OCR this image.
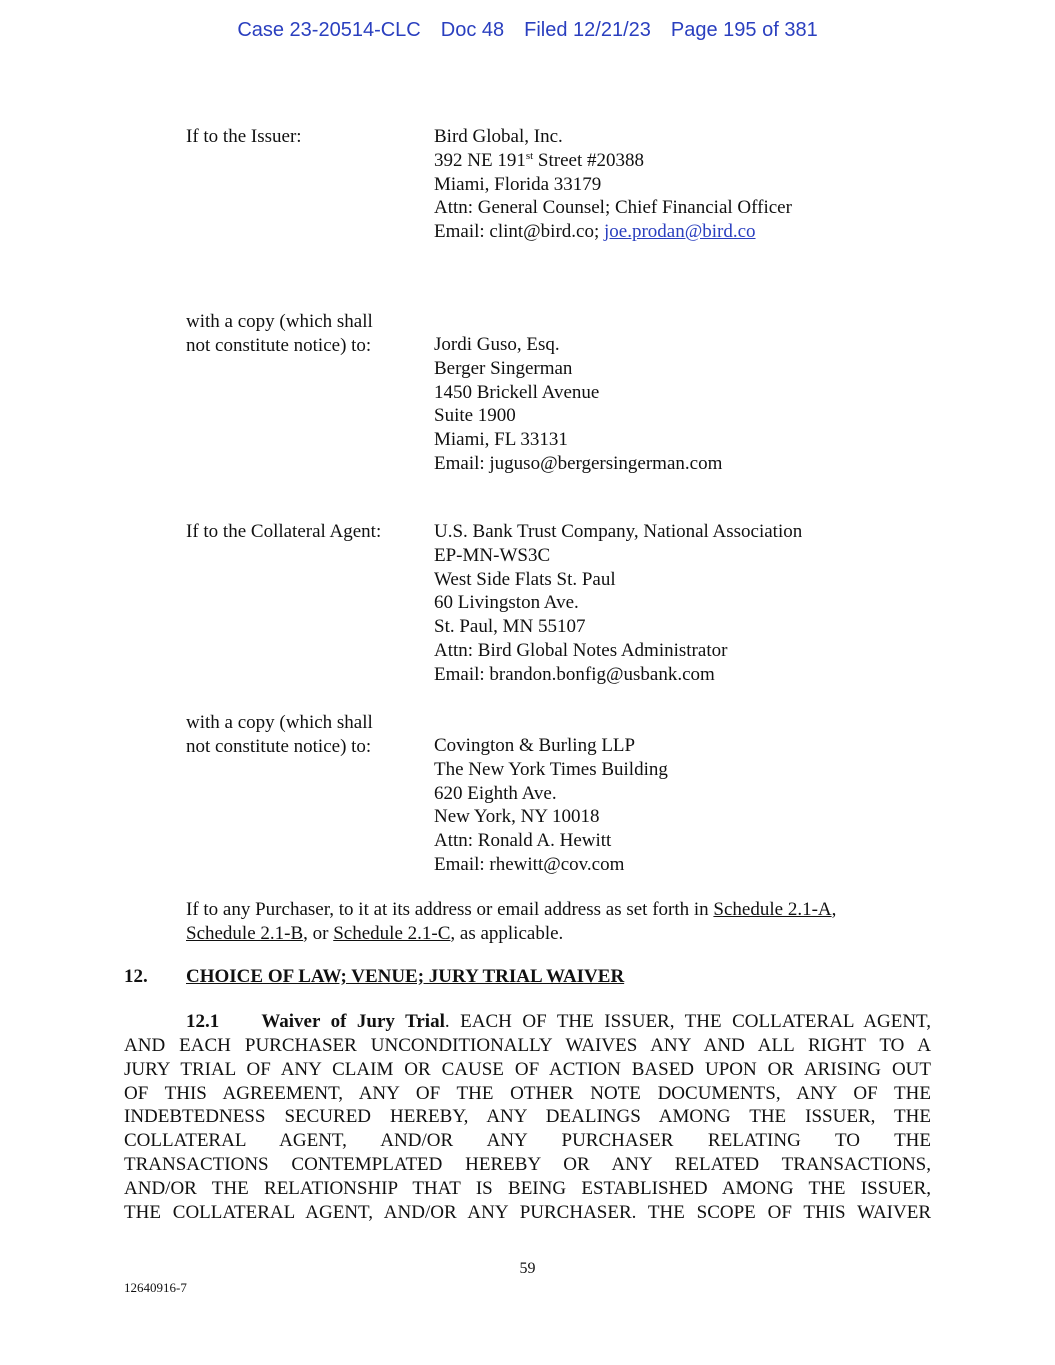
Case 23-20514-CLC Doc 48 Filed 12/21/23 Page 195 of 381
If to the Issuer:	Bird Global, Inc.
392 NE 191st Street #20388
Miami, Florida 33179
Attn: General Counsel; Chief Financial Officer
Email: clint@bird.co; joe.prodan@bird.co
with a copy (which shall
not constitute notice) to:	Jordi Guso, Esq.
Berger Singerman
1450 Brickell Avenue
Suite 1900
Miami, FL 33131
Email: juguso@bergersingerman.com
If to the Collateral Agent:	U.S. Bank Trust Company, National Association
EP-MN-WS3C
West Side Flats St. Paul
60 Livingston Ave.
St. Paul, MN 55107
Attn: Bird Global Notes Administrator
Email: brandon.bonfig@usbank.com
with a copy (which shall
not constitute notice) to:	Covington & Burling LLP
The New York Times Building
620 Eighth Ave.
New York, NY 10018
Attn: Ronald A. Hewitt
Email: rhewitt@cov.com
If to any Purchaser, to it at its address or email address as set forth in Schedule 2.1-A,
Schedule 2.1-B, or Schedule 2.1-C, as applicable.
12. CHOICE OF LAW; VENUE; JURY TRIAL WAIVER
12.1 Waiver of Jury Trial. EACH OF THE ISSUER, THE COLLATERAL AGENT,
AND EACH PURCHASER UNCONDITIONALLY WAIVES ANY AND ALL RIGHT TO A
JURY TRIAL OF ANY CLAIM OR CAUSE OF ACTION BASED UPON OR ARISING OUT
OF THIS AGREEMENT, ANY OF THE OTHER NOTE DOCUMENTS, ANY OF THE
INDEBTEDNESS SECURED HEREBY, ANY DEALINGS AMONG THE ISSUER, THE
COLLATERAL AGENT, AND/OR ANY PURCHASER RELATING TO THE
TRANSACTIONS CONTEMPLATED HEREBY OR ANY RELATED TRANSACTIONS,
AND/OR THE RELATIONSHIP THAT IS BEING ESTABLISHED AMONG THE ISSUER,
THE COLLATERAL AGENT, AND/OR ANY PURCHASER. THE SCOPE OF THIS WAIVER
59
12640916-7
